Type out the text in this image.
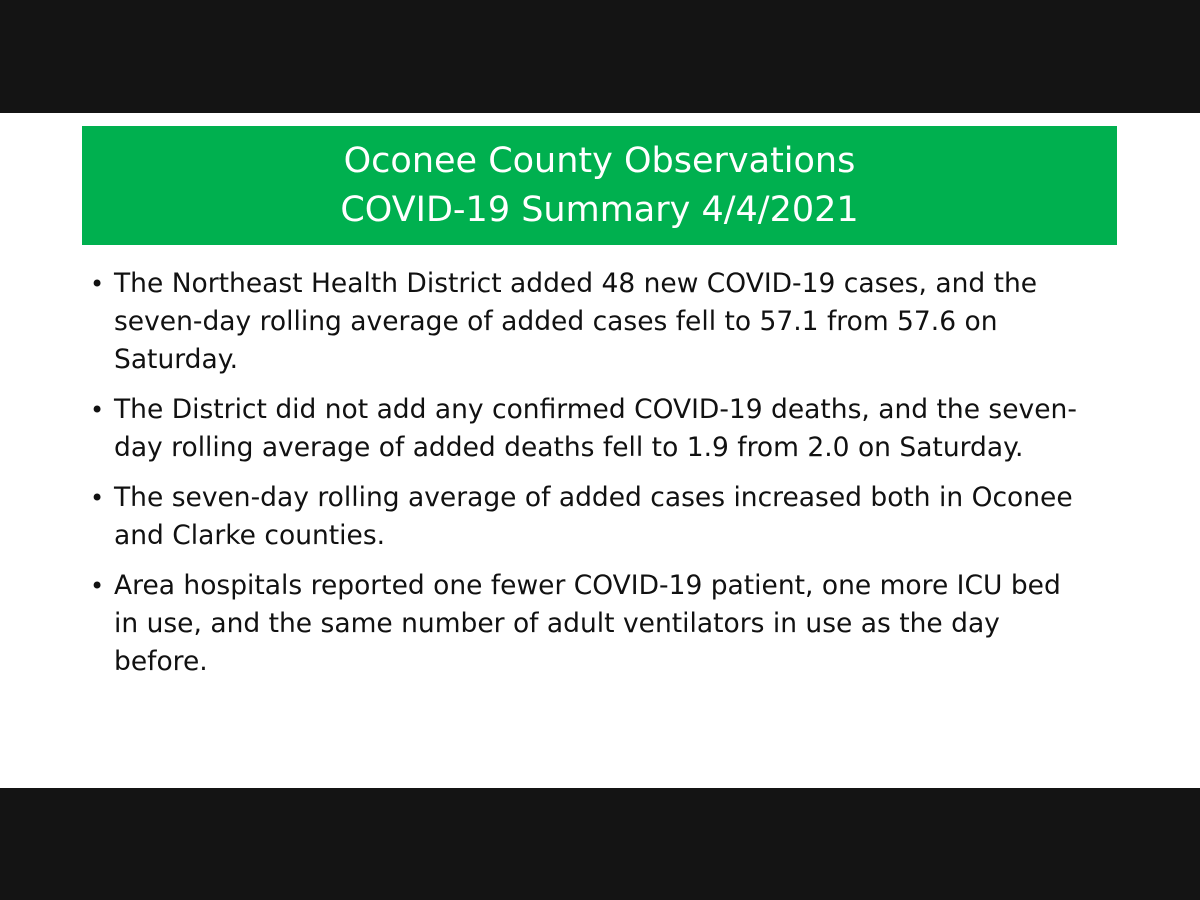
Oconee County Observations
COVID-19 Summary 4/4/2021
• The Northeast Health District added 48 new COVID-19 cases, and the seven-day rolling average of added cases fell to 57.1 from 57.6 on Saturday.
• The District did not add any confirmed COVID-19 deaths, and the seven-day rolling average of added deaths fell to 1.9 from 2.0 on Saturday.
• The seven-day rolling average of added cases increased both in Oconee and Clarke counties.
• Area hospitals reported one fewer COVID-19 patient, one more ICU bed in use, and the same number of adult ventilators in use as the day before.
